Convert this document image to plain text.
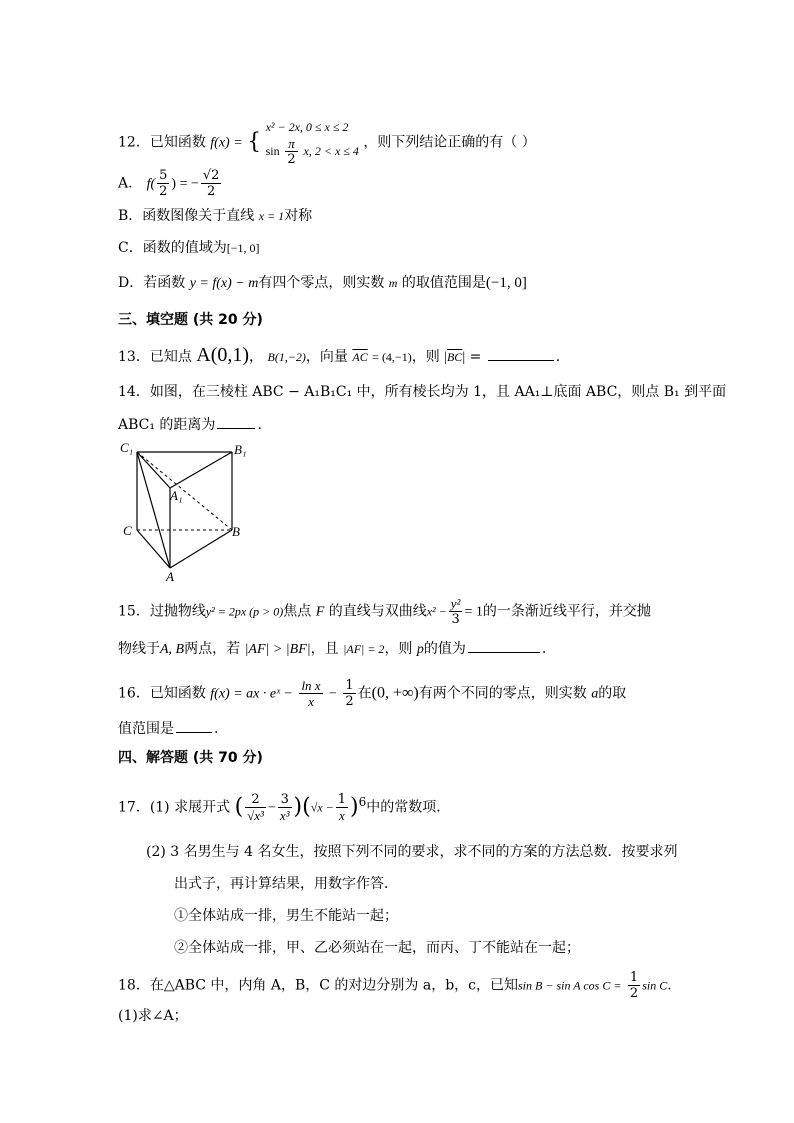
12．已知函数 f(x) = {
x² − 2x, 0 ≤ x ≤ 2
$\sin \frac{\pi}{2} x$, 2 < x ≤ 4
，则下列结论正确的有（ ）
A． $f( \frac{5}{2}$ ) = − $\frac{√2}{2}$
B．函数图像关于直线 x = 1对称
C．函数的值域为[−1, 0]
D．若函数 y = f(x) − m有四个零点，则实数 m 的取值范围是(−1, 0]
三、填空题 (共 20 分)
13．已知点 A(0,1)， B(1,−2)，向量 $\overline{AC} = (4,-1)$，则 $|\overline{BC}|$ =	.
14．如图，在三棱柱 ABC − A₁B₁C₁ 中，所有棱长均为 1，且 AA₁⊥底面 ABC，则点 B₁ 到平面
ABC₁ 的距离为	.
C₁	B₁
A₁
C	B
A
15．过抛物线y² = 2px (p > 0)焦点 F 的直线与双曲线$x^2 - \frac{\text{y²}}{3} = 1$的一条渐近线平行，并交抛
物线于A, B两点，若 |AF| > |BF|，且 |AF| = 2，则 p的值为	.
16．已知函数 f(x) = ax · eˣ − $\frac{\text{ln x}}{x} - \frac{1}{2}$ 在(0, +∞)有两个不同的零点，则实数 a的取
值范围是	.
四、解答题 (共 70 分)
17．(1) 求展开式 ( $\frac{2}{\text{√x³}} - \frac{3}{\text{x³}} )(√x - \frac{1}{x} )^6$中的常数项．
(2) 3 名男生与 4 名女生，按照下列不同的要求，求不同的方案的方法总数．按要求列
出式子，再计算结果，用数字作答．
①全体站成一排，男生不能站一起；
②全体站成一排，甲、乙必须站在一起，而丙、丁不能站在一起；
18．在△ABC 中，内角 A，B，C 的对边分别为 a，b，c，已知sin B − sin A $\cos C = \frac{1}{2}$ sin C.
(1)求∠A；
